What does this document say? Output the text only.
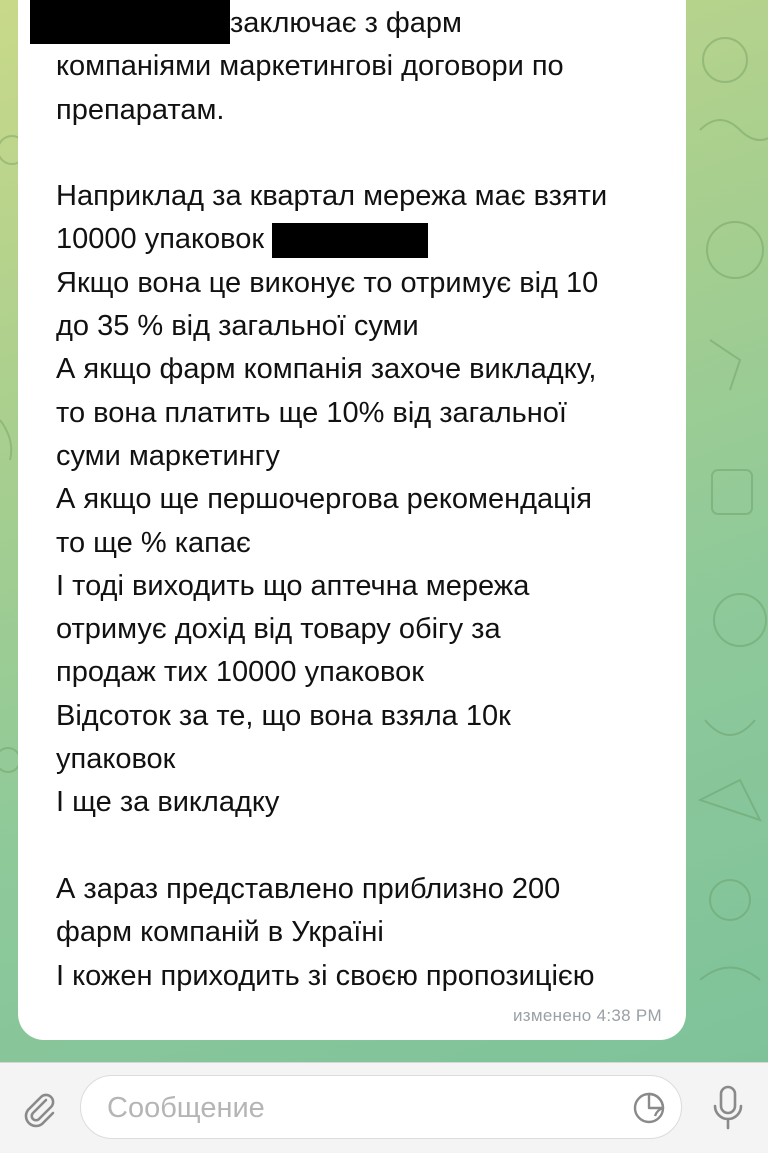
заключає з фарм
компаніями маркетингові договори по
препаратам.
Наприклад за квартал мережа має взяти
10000 упаковок
Якщо вона це виконує то отримує від 10
до 35 % від загальної суми
А якщо фарм компанія захоче викладку,
то вона платить ще 10% від загальної
суми маркетингу
А якщо ще першочергова рекомендація
то ще % капає
І тоді виходить що аптечна мережа
отримує дохід від товару обігу за
продаж тих 10000 упаковок
Відсоток за те, що вона взяла 10к
упаковок
І ще за викладку
А зараз представлено приблизно 200
фарм компаній в Україні
І кожен приходить зі своєю пропозицією
изменено 4:38 PM
Сообщение
